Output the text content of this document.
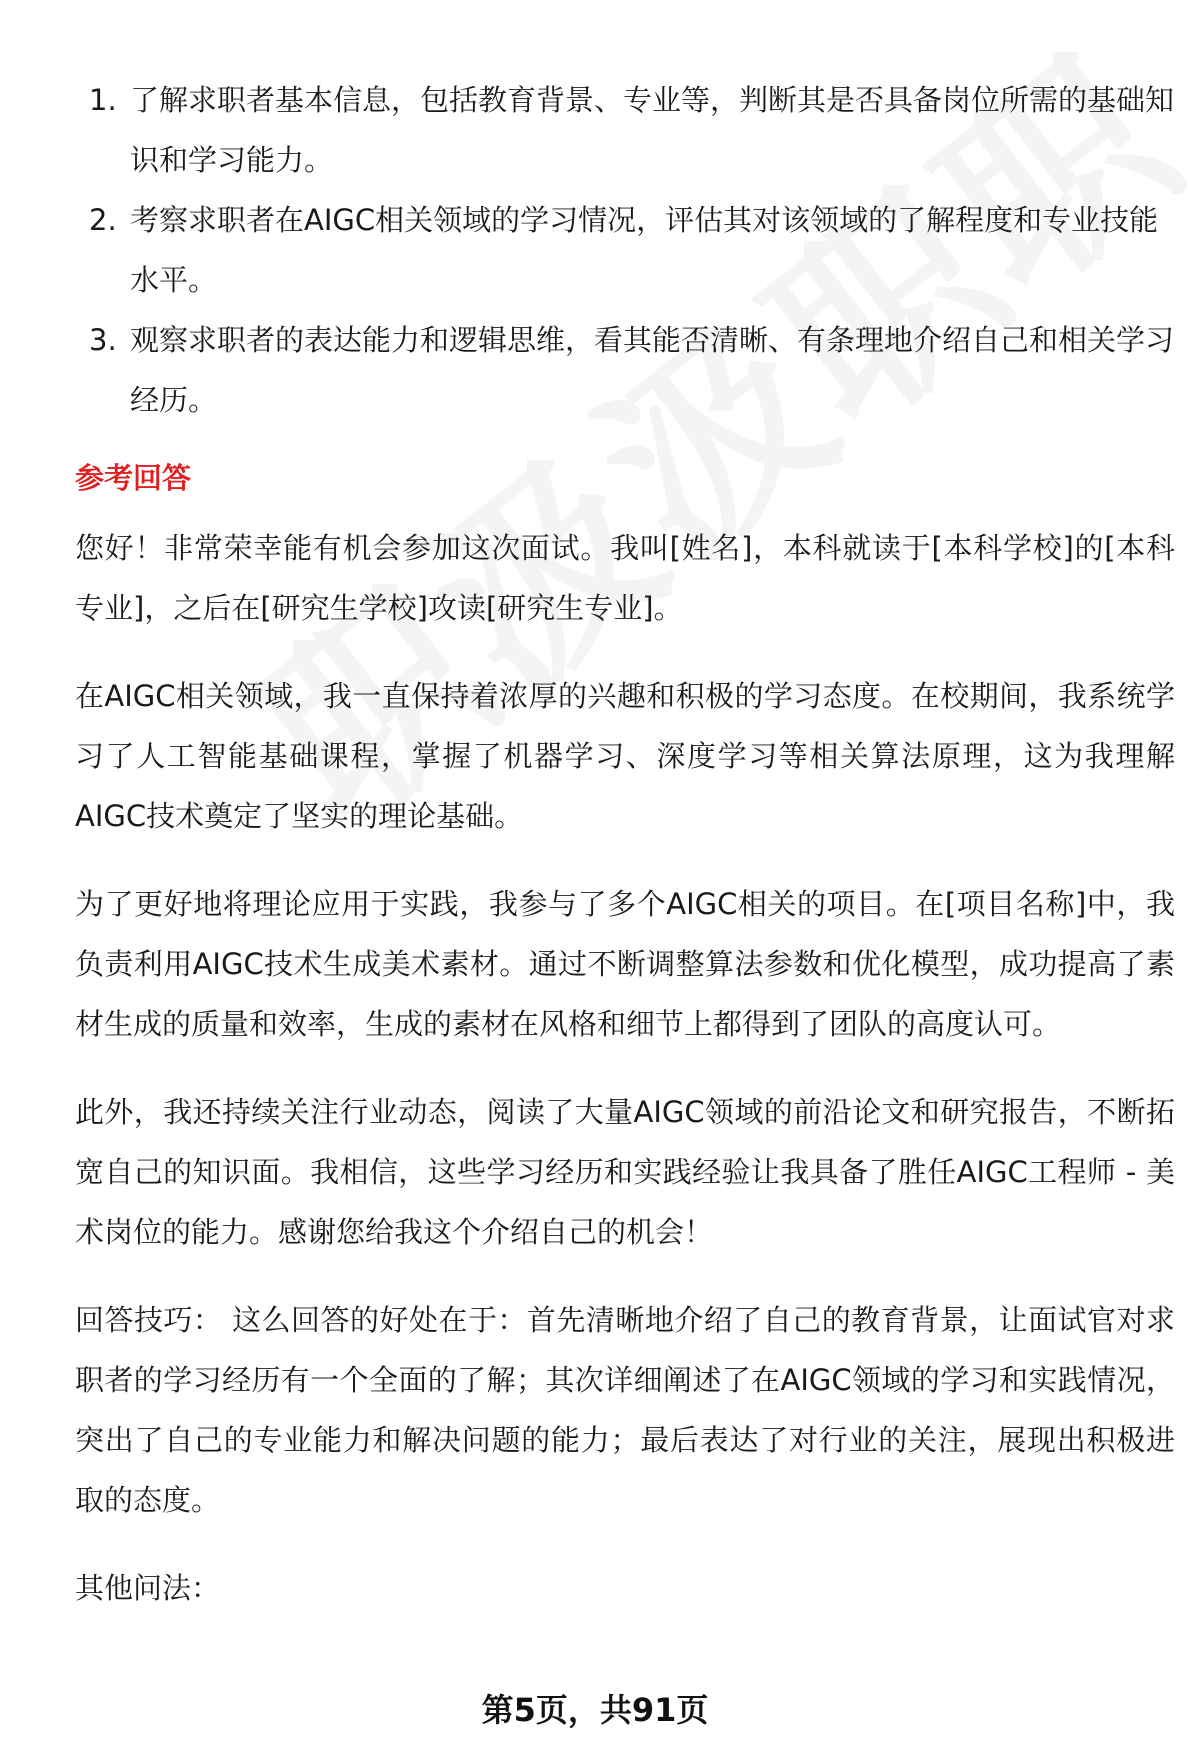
1. 了解求职者基本信息，包括教育背景、专业等，判断其是否具备岗位所需的基础知识和学习能力。
2. 考察求职者在AIGC相关领域的学习情况，评估其对该领域的了解程度和专业技能水平。
3. 观察求职者的表达能力和逻辑思维，看其能否清晰、有条理地介绍自己和相关学习经历。
参考回答

您好！非常荣幸能有机会参加这次面试。我叫[姓名]，本科就读于[本科学校]的[本科专业]，之后在[研究生学校]攻读[研究生专业]。

在AIGC相关领域，我一直保持着浓厚的兴趣和积极的学习态度。在校期间，我系统学习了人工智能基础课程，掌握了机器学习、深度学习等相关算法原理，这为我理解AIGC技术奠定了坚实的理论基础。

为了更好地将理论应用于实践，我参与了多个AIGC相关的项目。在[项目名称]中，我负责利用AIGC技术生成美术素材。通过不断调整算法参数和优化模型，成功提高了素材生成的质量和效率，生成的素材在风格和细节上都得到了团队的高度认可。

此外，我还持续关注行业动态，阅读了大量AIGC领域的前沿论文和研究报告，不断拓宽自己的知识面。我相信，这些学习经历和实践经验让我具备了胜任AIGC工程师 - 美术岗位的能力。感谢您给我这个介绍自己的机会！

回答技巧： 这么回答的好处在于：首先清晰地介绍了自己的教育背景，让面试官对求职者的学习经历有一个全面的了解；其次详细阐述了在AIGC领域的学习和实践情况，突出了自己的专业能力和解决问题的能力；最后表达了对行业的关注，展现出积极进取的态度。

其他问法：

第5页，共91页
